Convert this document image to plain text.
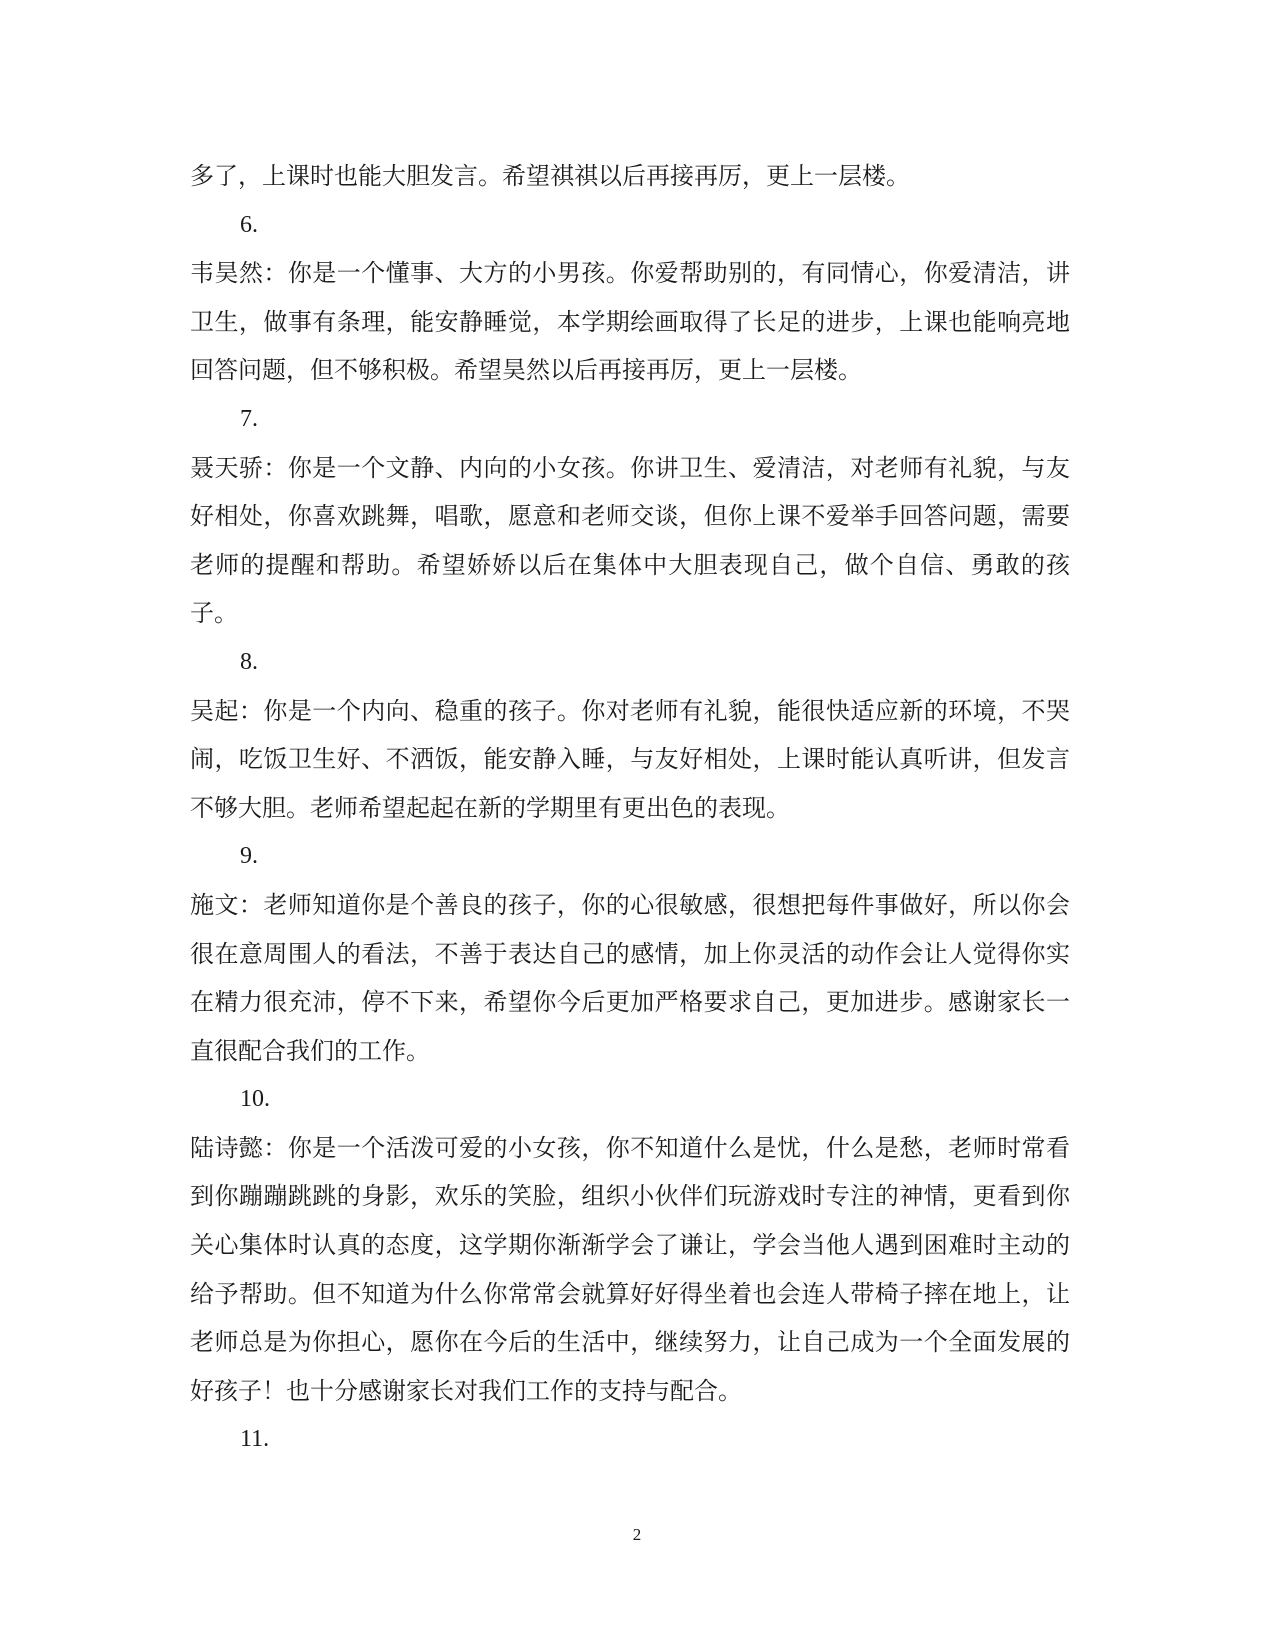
多了，上课时也能大胆发言。希望祺祺以后再接再厉，更上一层楼。

6.

韦昊然：你是一个懂事、大方的小男孩。你爱帮助别的，有同情心，你爱清洁，讲卫生，做事有条理，能安静睡觉，本学期绘画取得了长足的进步，上课也能响亮地回答问题，但不够积极。希望昊然以后再接再厉，更上一层楼。

7.

聂天骄：你是一个文静、内向的小女孩。你讲卫生、爱清洁，对老师有礼貌，与友好相处，你喜欢跳舞，唱歌，愿意和老师交谈，但你上课不爱举手回答问题，需要老师的提醒和帮助。希望娇娇以后在集体中大胆表现自己，做个自信、勇敢的孩子。

8.

吴起：你是一个内向、稳重的孩子。你对老师有礼貌，能很快适应新的环境，不哭闹，吃饭卫生好、不洒饭，能安静入睡，与友好相处，上课时能认真听讲，但发言不够大胆。老师希望起起在新的学期里有更出色的表现。

9.

施文：老师知道你是个善良的孩子，你的心很敏感，很想把每件事做好，所以你会很在意周围人的看法，不善于表达自己的感情，加上你灵活的动作会让人觉得你实在精力很充沛，停不下来，希望你今后更加严格要求自己，更加进步。感谢家长一直很配合我们的工作。

10.

陆诗懿：你是一个活泼可爱的小女孩，你不知道什么是忧，什么是愁，老师时常看到你蹦蹦跳跳的身影，欢乐的笑脸，组织小伙伴们玩游戏时专注的神情，更看到你关心集体时认真的态度，这学期你渐渐学会了谦让，学会当他人遇到困难时主动的给予帮助。但不知道为什么你常常会就算好好得坐着也会连人带椅子摔在地上，让老师总是为你担心，愿你在今后的生活中，继续努力，让自己成为一个全面发展的好孩子！也十分感谢家长对我们工作的支持与配合。

11.

2
